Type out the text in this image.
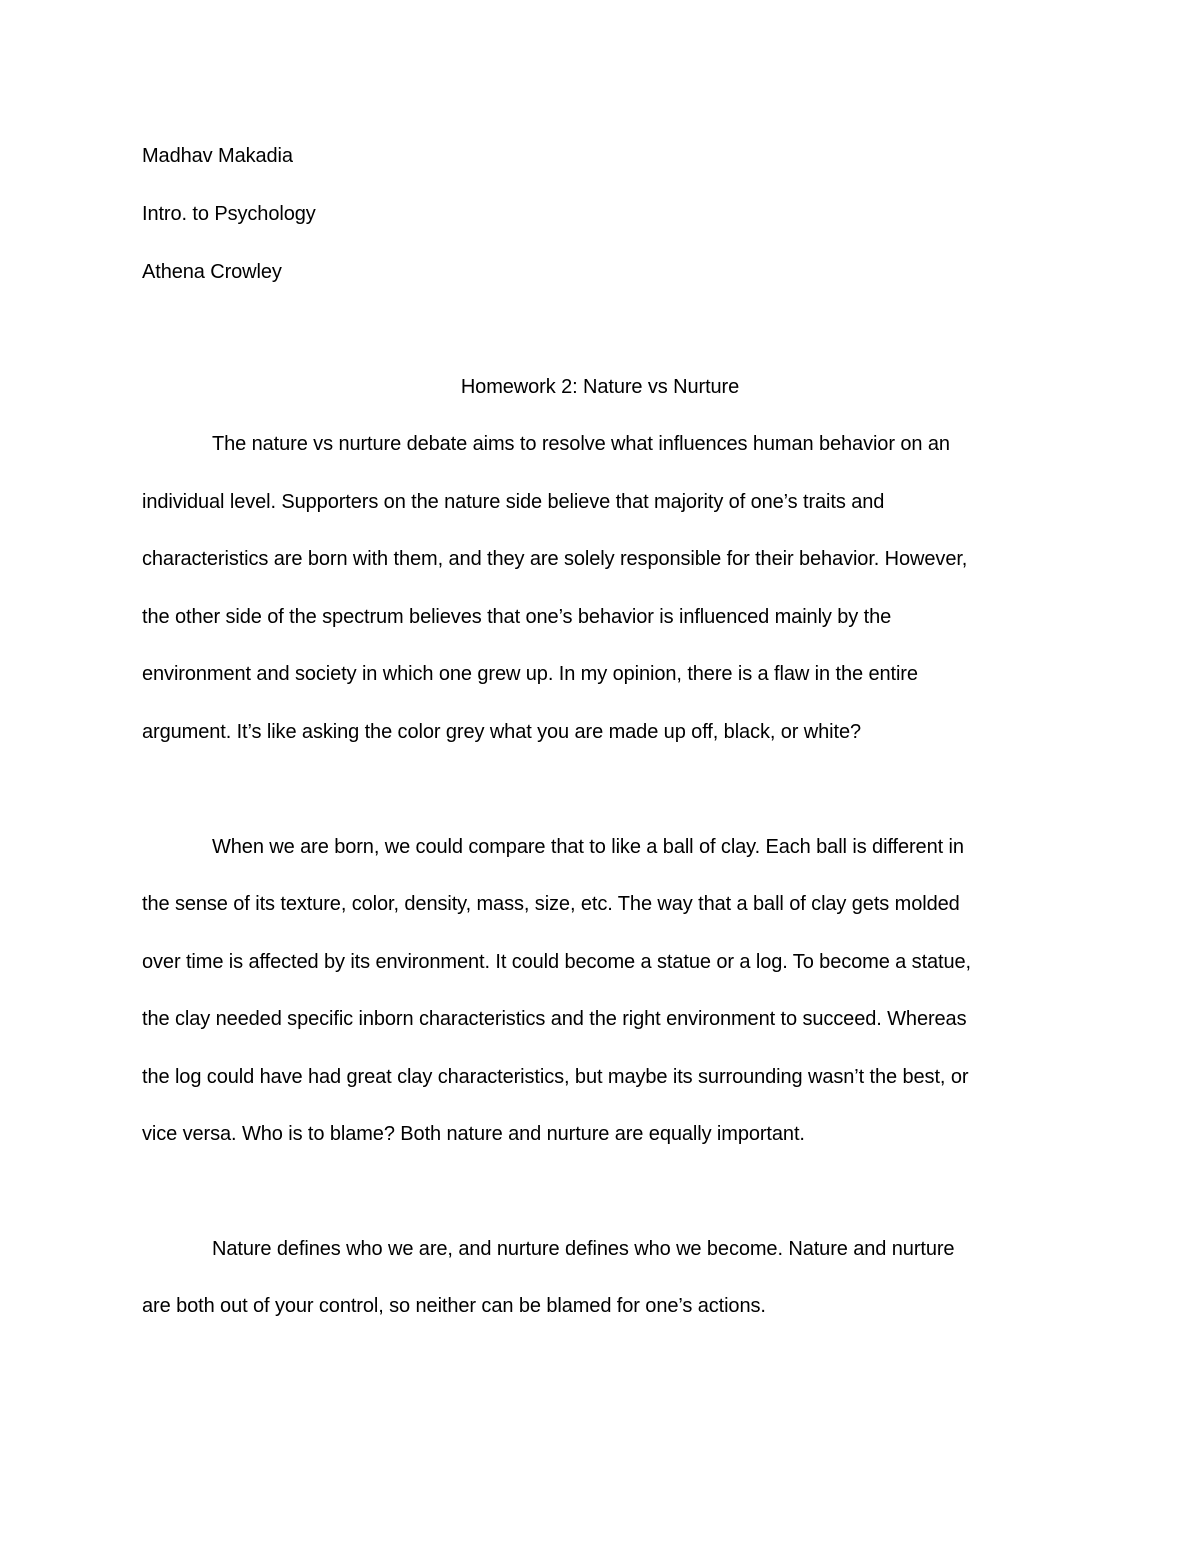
Madhav Makadia
Intro. to Psychology
Athena Crowley
Homework 2: Nature vs Nurture
The nature vs nurture debate aims to resolve what influences human behavior on an
individual level. Supporters on the nature side believe that majority of one’s traits and
characteristics are born with them, and they are solely responsible for their behavior. However,
the other side of the spectrum believes that one’s behavior is influenced mainly by the
environment and society in which one grew up. In my opinion, there is a flaw in the entire
argument. It’s like asking the color grey what you are made up off, black, or white?
When we are born, we could compare that to like a ball of clay. Each ball is different in
the sense of its texture, color, density, mass, size, etc. The way that a ball of clay gets molded
over time is affected by its environment. It could become a statue or a log. To become a statue,
the clay needed specific inborn characteristics and the right environment to succeed. Whereas
the log could have had great clay characteristics, but maybe its surrounding wasn’t the best, or
vice versa. Who is to blame? Both nature and nurture are equally important.
Nature defines who we are, and nurture defines who we become. Nature and nurture
are both out of your control, so neither can be blamed for one’s actions.
